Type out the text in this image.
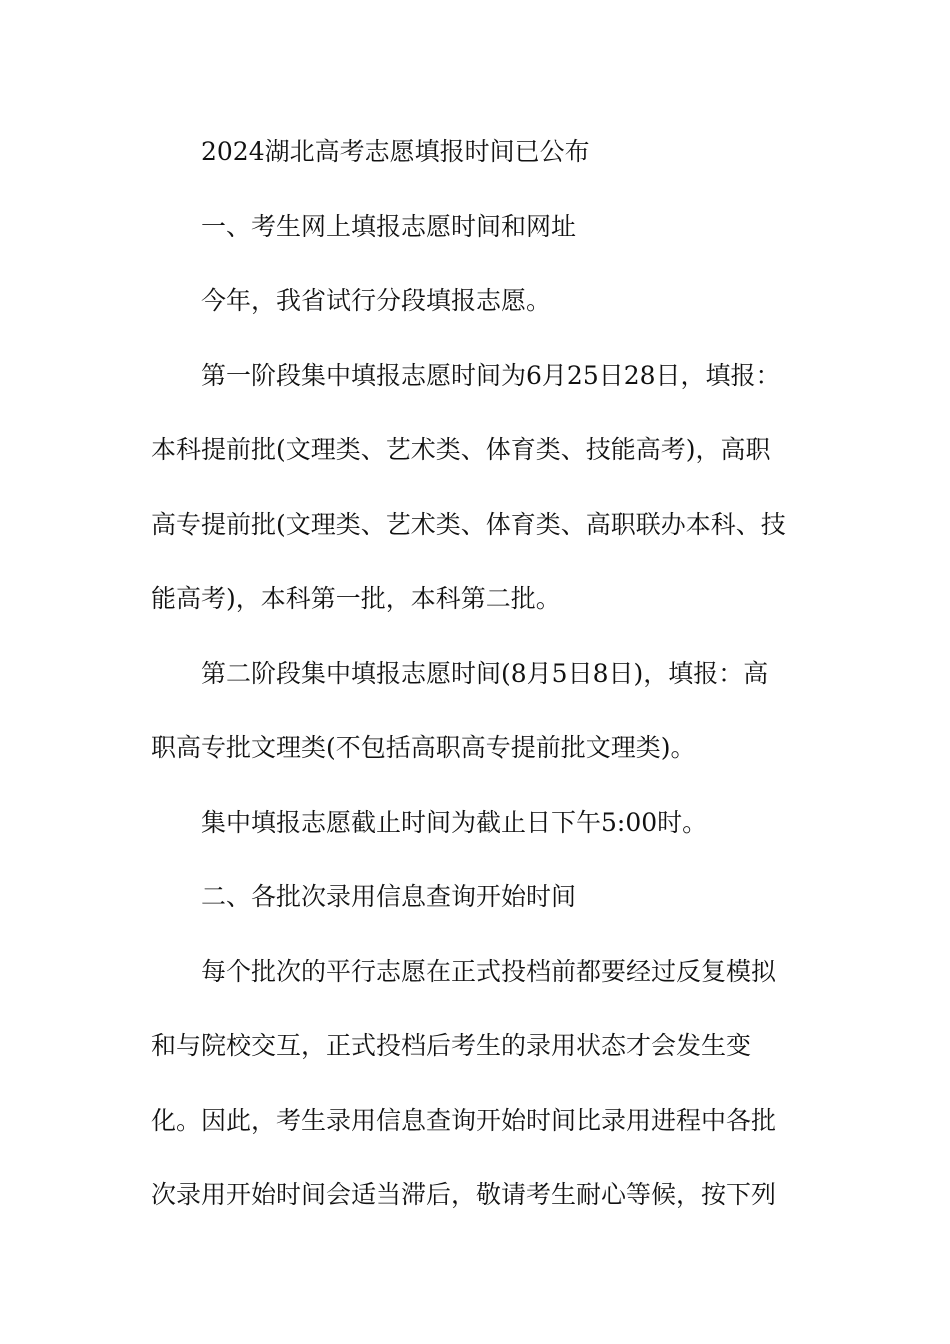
2024湖北高考志愿填报时间已公布
一、考生网上填报志愿时间和网址
今年，我省试行分段填报志愿。
第一阶段集中填报志愿时间为6月25日28日，填报：
本科提前批(文理类、艺术类、体育类、技能高考)，高职
高专提前批(文理类、艺术类、体育类、高职联办本科、技
能高考)，本科第一批，本科第二批。
第二阶段集中填报志愿时间(8月5日8日)，填报：高
职高专批文理类(不包括高职高专提前批文理类)。
集中填报志愿截止时间为截止日下午5:00时。
二、各批次录用信息查询开始时间
每个批次的平行志愿在正式投档前都要经过反复模拟
和与院校交互，正式投档后考生的录用状态才会发生变
化。因此，考生录用信息查询开始时间比录用进程中各批
次录用开始时间会适当滞后，敬请考生耐心等候，按下列
